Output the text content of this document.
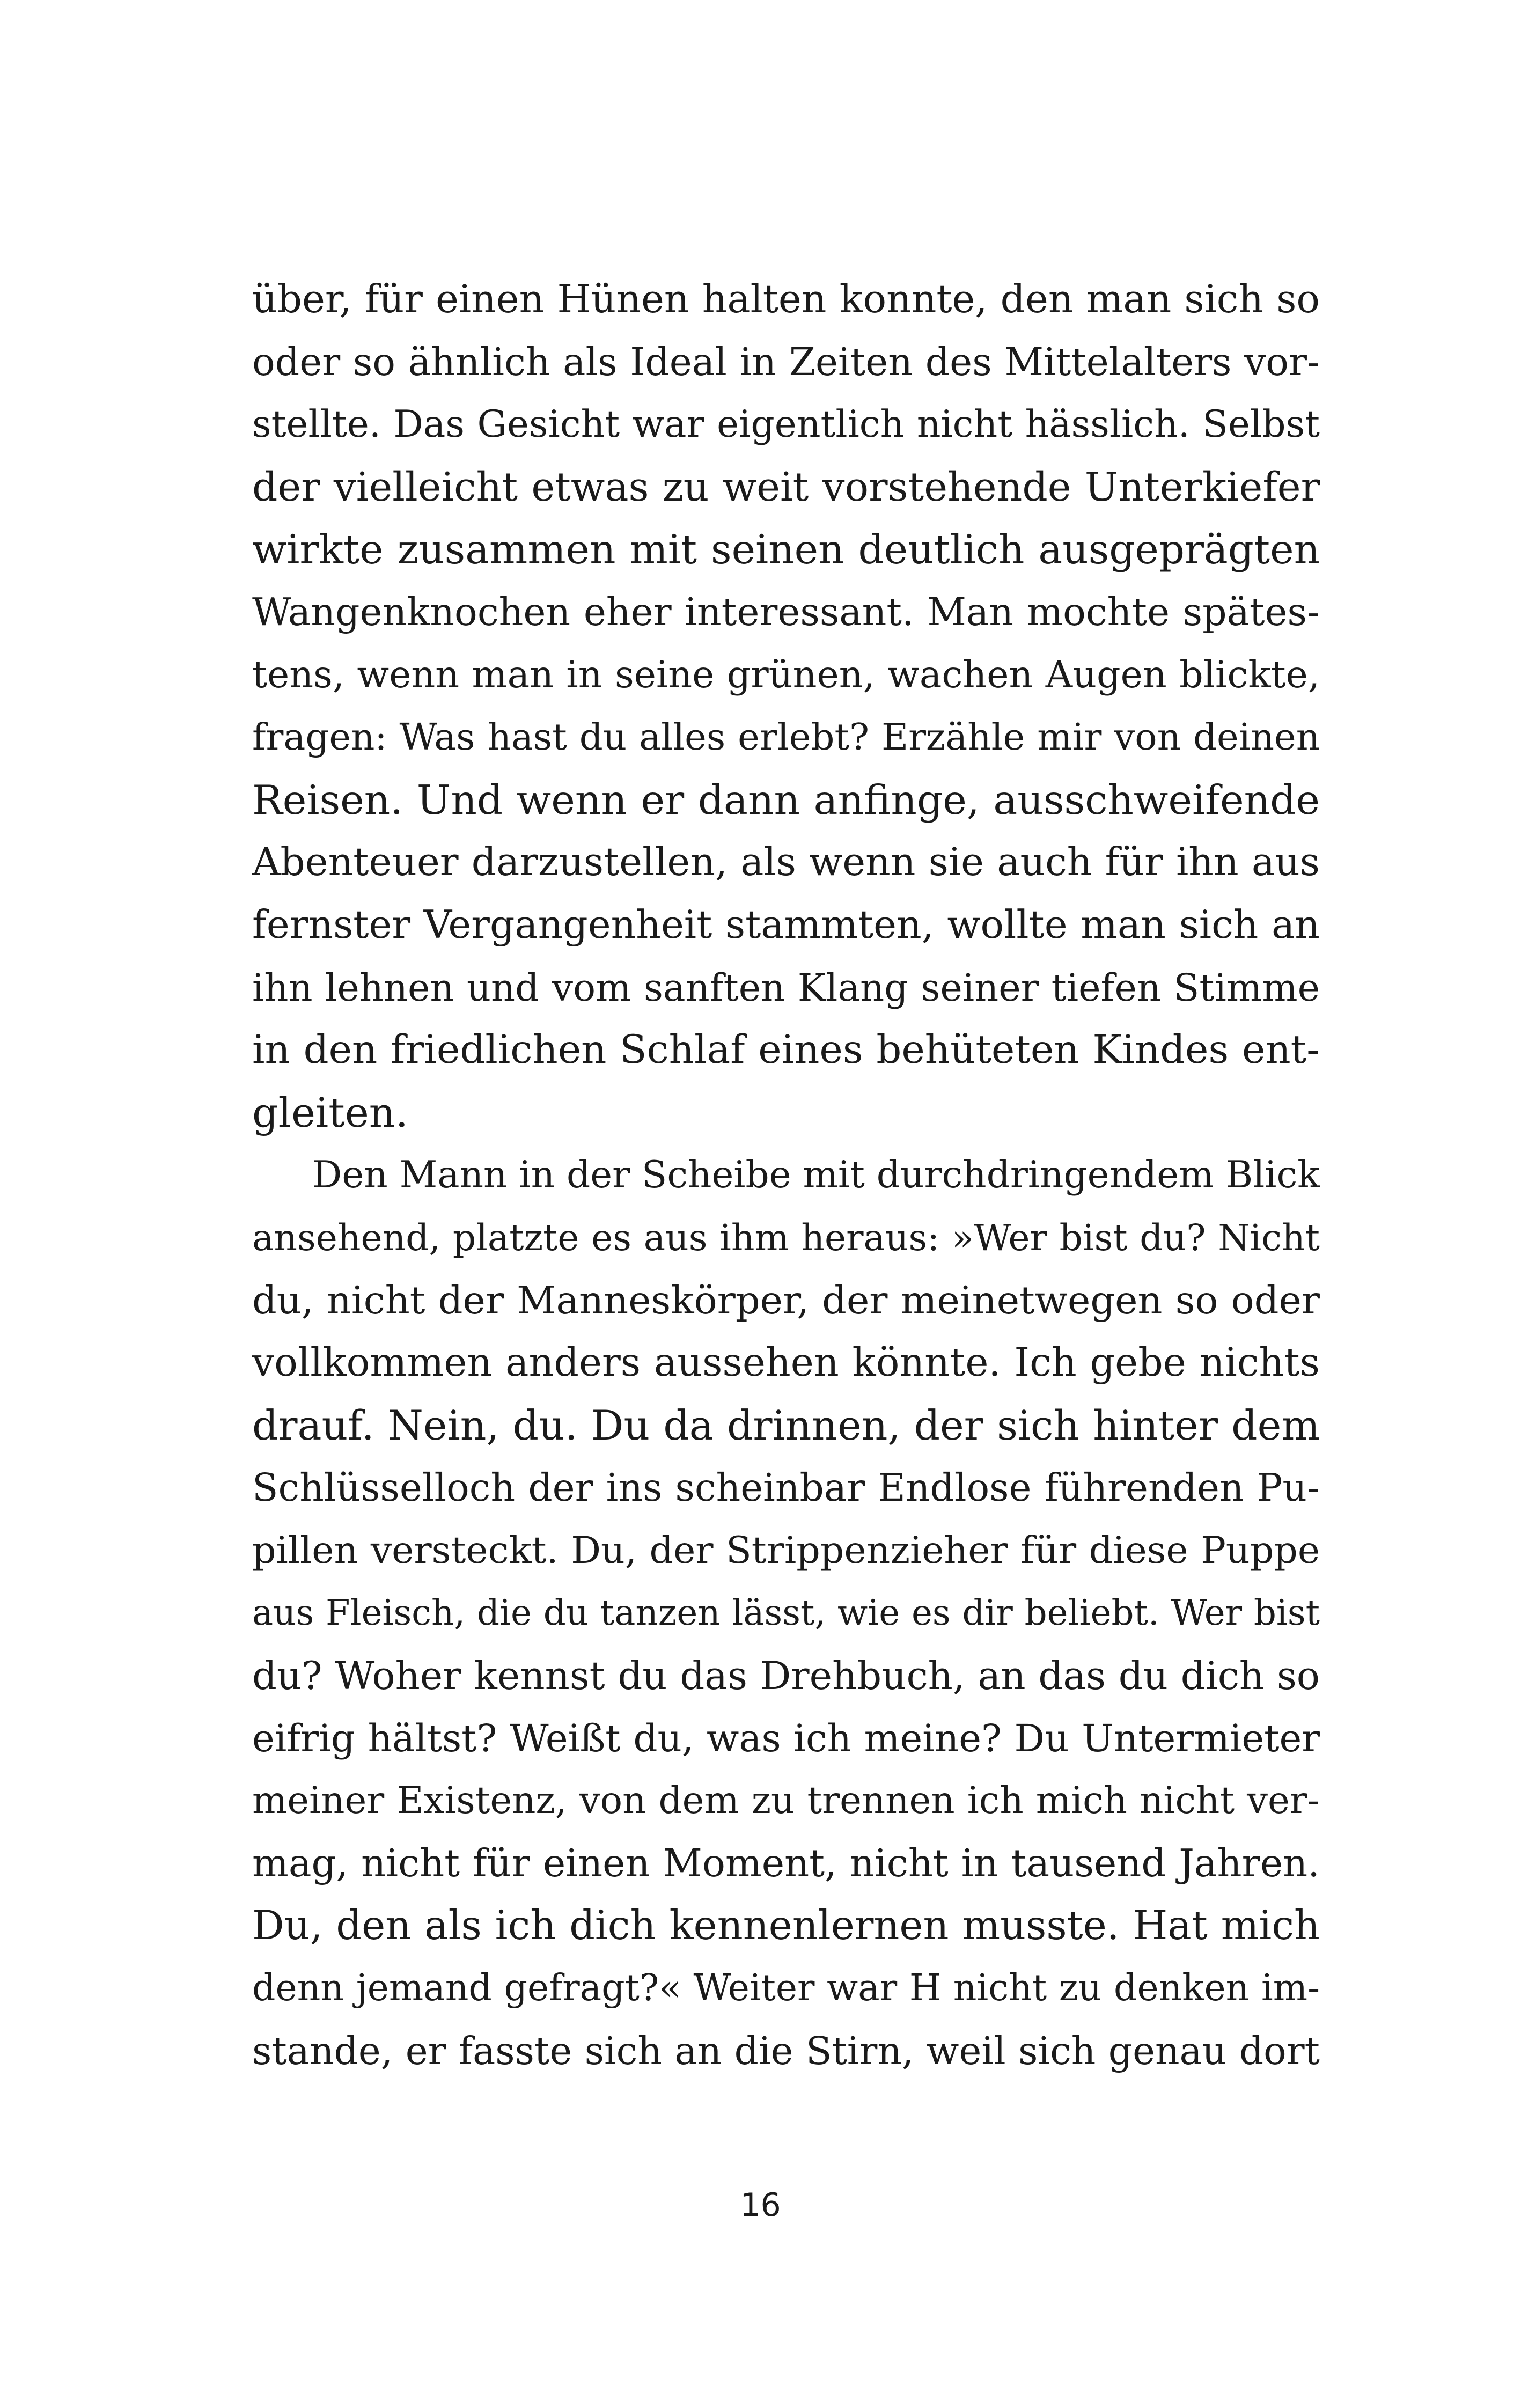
über, für einen Hünen halten konnte, den man sich so
oder so ähnlich als Ideal in Zeiten des Mittelalters vor-
stellte. Das Gesicht war eigentlich nicht hässlich. Selbst
der vielleicht etwas zu weit vorstehende Unterkiefer
wirkte zusammen mit seinen deutlich ausgeprägten
Wangenknochen eher interessant. Man mochte spätes-
tens, wenn man in seine grünen, wachen Augen blickte,
fragen: Was hast du alles erlebt? Erzähle mir von deinen
Reisen. Und wenn er dann anfinge, ausschweifende
Abenteuer darzustellen, als wenn sie auch für ihn aus
fernster Vergangenheit stammten, wollte man sich an
ihn lehnen und vom sanften Klang seiner tiefen Stimme
in den friedlichen Schlaf eines behüteten Kindes ent-
gleiten.
Den Mann in der Scheibe mit durchdringendem Blick
ansehend, platzte es aus ihm heraus: »Wer bist du? Nicht
du, nicht der Manneskörper, der meinetwegen so oder
vollkommen anders aussehen könnte. Ich gebe nichts
drauf. Nein, du. Du da drinnen, der sich hinter dem
Schlüsselloch der ins scheinbar Endlose führenden Pu-
pillen versteckt. Du, der Strippenzieher für diese Puppe
aus Fleisch, die du tanzen lässt, wie es dir beliebt. Wer bist
du? Woher kennst du das Drehbuch, an das du dich so
eifrig hältst? Weißt du, was ich meine? Du Untermieter
meiner Existenz, von dem zu trennen ich mich nicht ver-
mag, nicht für einen Moment, nicht in tausend Jahren.
Du, den als ich dich kennenlernen musste. Hat mich
denn jemand gefragt?« Weiter war H nicht zu denken im-
stande, er fasste sich an die Stirn, weil sich genau dort
16
